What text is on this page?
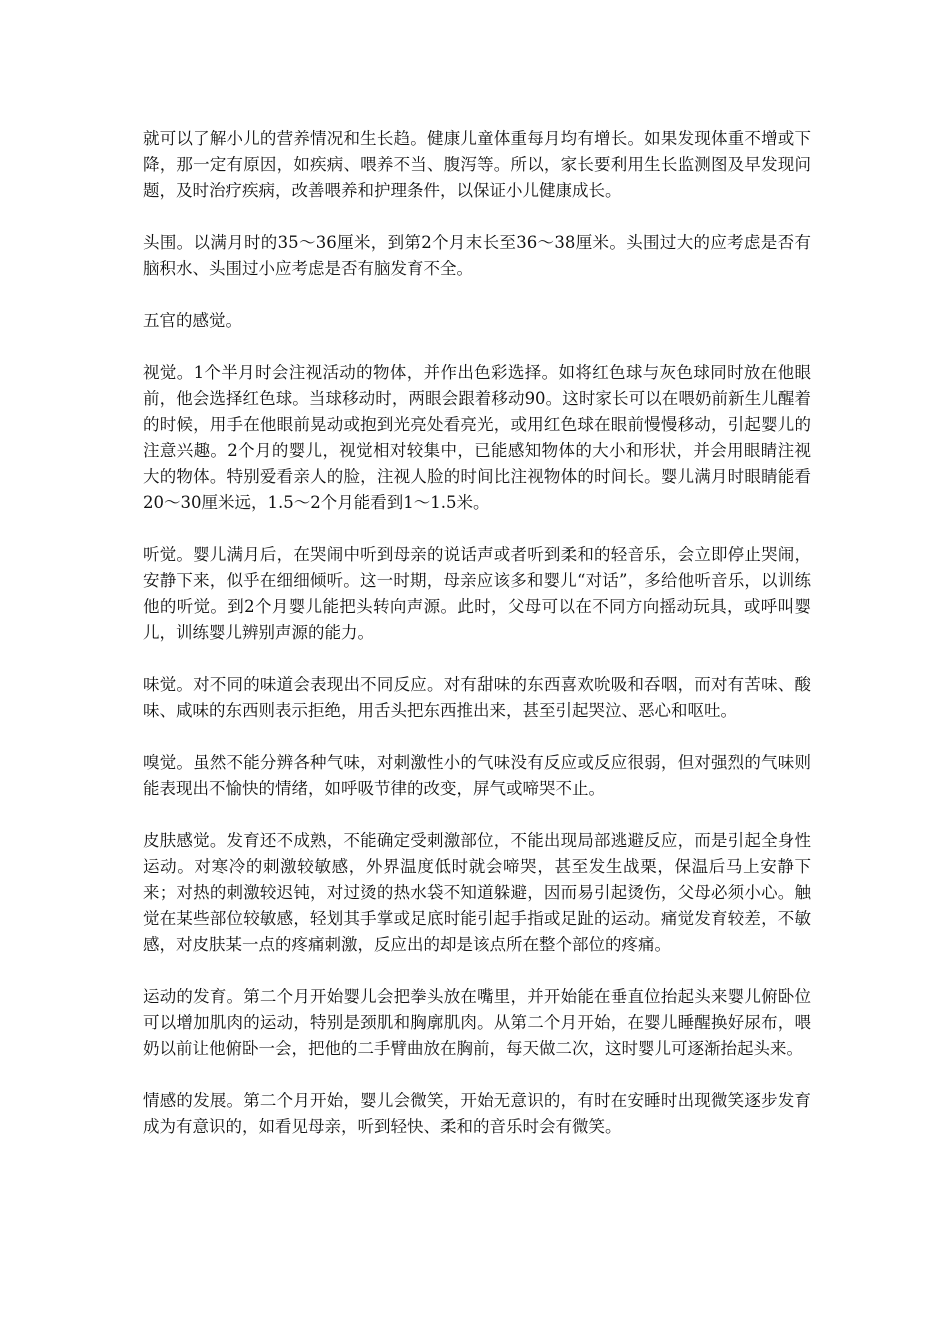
就可以了解小儿的营养情况和生长趋。健康儿童体重每月均有增长。如果发现体重不增或下降，那一定有原因，如疾病、喂养不当、腹泻等。所以，家长要利用生长监测图及早发现问题，及时治疗疾病，改善喂养和护理条件，以保证小儿健康成长。

头围。以满月时的35～36厘米，到第2个月末长至36～38厘米。头围过大的应考虑是否有脑积水、头围过小应考虑是否有脑发育不全。

五官的感觉。

视觉。1个半月时会注视活动的物体，并作出色彩选择。如将红色球与灰色球同时放在他眼前，他会选择红色球。当球移动时，两眼会跟着移动90。这时家长可以在喂奶前新生儿醒着的时候，用手在他眼前晃动或抱到光亮处看亮光，或用红色球在眼前慢慢移动，引起婴儿的注意兴趣。2个月的婴儿，视觉相对较集中，已能感知物体的大小和形状，并会用眼睛注视大的物体。特别爱看亲人的脸，注视人脸的时间比注视物体的时间长。婴儿满月时眼睛能看20～30厘米远，1.5～2个月能看到1～1.5米。

听觉。婴儿满月后，在哭闹中听到母亲的说话声或者听到柔和的轻音乐，会立即停止哭闹，安静下来，似乎在细细倾听。这一时期，母亲应该多和婴儿“对话”，多给他听音乐，以训练他的听觉。到2个月婴儿能把头转向声源。此时，父母可以在不同方向摇动玩具，或呼叫婴儿，训练婴儿辨别声源的能力。

味觉。对不同的味道会表现出不同反应。对有甜味的东西喜欢吮吸和吞咽，而对有苦味、酸味、咸味的东西则表示拒绝，用舌头把东西推出来，甚至引起哭泣、恶心和呕吐。

嗅觉。虽然不能分辨各种气味，对刺激性小的气味没有反应或反应很弱，但对强烈的气味则能表现出不愉快的情绪，如呼吸节律的改变，屏气或啼哭不止。

皮肤感觉。发育还不成熟，不能确定受刺激部位，不能出现局部逃避反应，而是引起全身性运动。对寒冷的刺激较敏感，外界温度低时就会啼哭，甚至发生战栗，保温后马上安静下来；对热的刺激较迟钝，对过烫的热水袋不知道躲避，因而易引起烫伤，父母必须小心。触觉在某些部位较敏感，轻划其手掌或足底时能引起手指或足趾的运动。痛觉发育较差，不敏感，对皮肤某一点的疼痛刺激，反应出的却是该点所在整个部位的疼痛。

运动的发育。第二个月开始婴儿会把拳头放在嘴里，并开始能在垂直位抬起头来婴儿俯卧位可以增加肌肉的运动，特别是颈肌和胸廓肌肉。从第二个月开始，在婴儿睡醒换好尿布，喂奶以前让他俯卧一会，把他的二手臂曲放在胸前，每天做二次，这时婴儿可逐渐抬起头来。

情感的发展。第二个月开始，婴儿会微笑，开始无意识的，有时在安睡时出现微笑逐步发育成为有意识的，如看见母亲，听到轻快、柔和的音乐时会有微笑。
